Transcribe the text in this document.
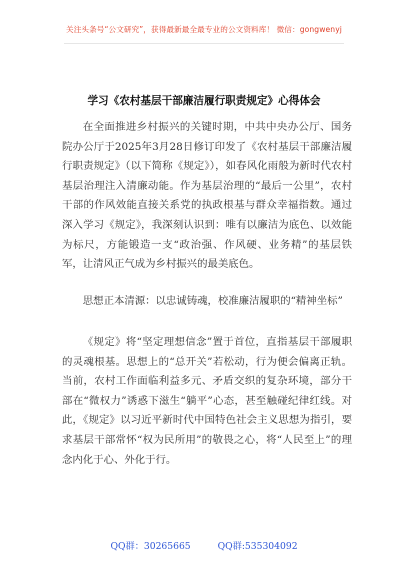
关注头条号“公文研究”，获得最新最全最专业的公文资料库！ 微信：gongwenyj
学习《农村基层干部廉洁履行职责规定》心得体会

在全面推进乡村振兴的关键时期，中共中央办公厅、国务院办公厅于2025年3月28日修订印发了《农村基层干部廉洁履行职责规定》（以下简称《规定》），如春风化雨般为新时代农村基层治理注入清廉动能。作为基层治理的“最后一公里”，农村干部的作风效能直接关系党的执政根基与群众幸福指数。通过深入学习《规定》，我深刻认识到：唯有以廉洁为底色、以效能为标尺，方能锻造一支“政治强、作风硬、业务精”的基层铁军，让清风正气成为乡村振兴的最美底色。

思想正本清源：以忠诚铸魂，校准廉洁履职的“精神坐标”

《规定》将“坚定理想信念”置于首位，直指基层干部履职的灵魂根基。思想上的“总开关”若松动，行为便会偏离正轨。当前，农村工作面临利益多元、矛盾交织的复杂环境，部分干部在“微权力”诱惑下滋生“躺平”心态，甚至触碰纪律红线。对此，《规定》以习近平新时代中国特色社会主义思想为指引，要求基层干部常怀“权为民所用”的敬畏之心，将“人民至上”的理念内化于心、外化于行。

QQ群：30265665	QQ群:535304092
